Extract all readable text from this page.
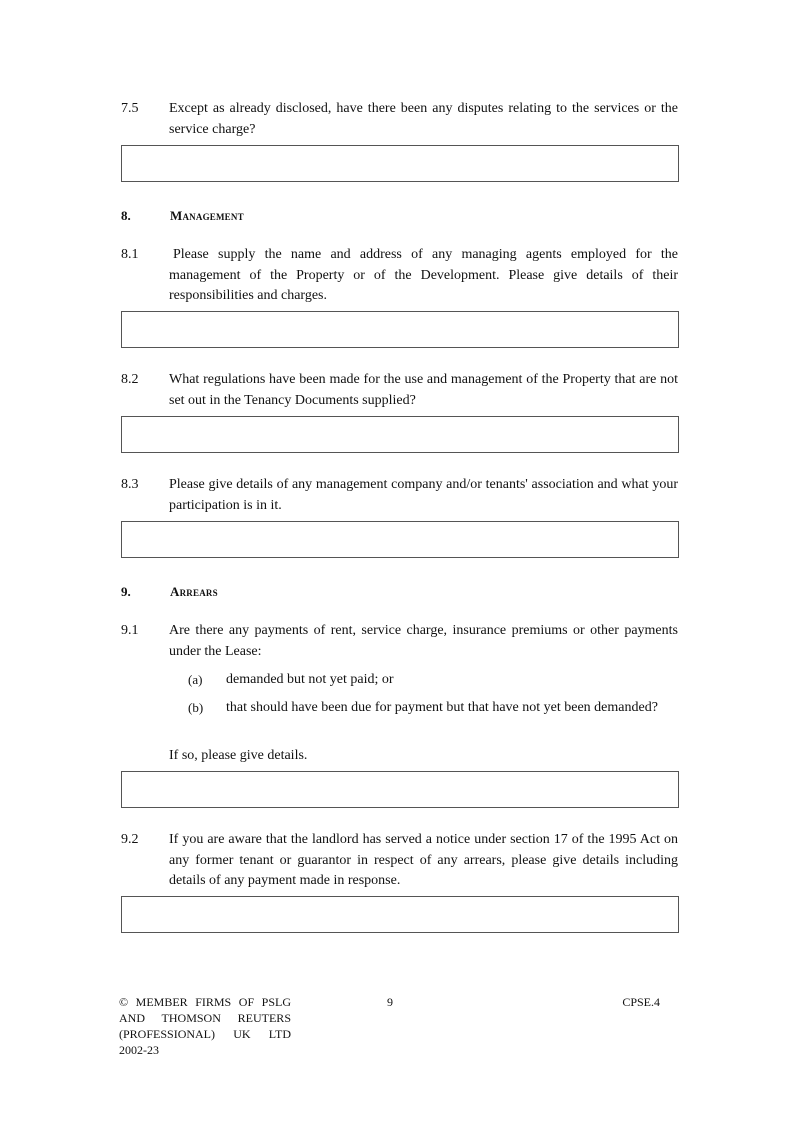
7.5 Except as already disclosed, have there been any disputes relating to the services or the service charge?
8.	Management
8.1 Please supply the name and address of any managing agents employed for the management of the Property or of the Development. Please give details of their responsibilities and charges.
8.2 What regulations have been made for the use and management of the Property that are not set out in the Tenancy Documents supplied?
8.3 Please give details of any management company and/or tenants' association and what your participation is in it.
9.	Arrears
9.1 Are there any payments of rent, service charge, insurance premiums or other payments under the Lease:
(a) demanded but not yet paid; or
(b) that should have been due for payment but that have not yet been demanded?
If so, please give details.
9.2 If you are aware that the landlord has served a notice under section 17 of the 1995 Act on any former tenant or guarantor in respect of any arrears, please give details including details of any payment made in response.
© MEMBER FIRMS OF PSLG
AND THOMSON REUTERS
(PROFESSIONAL) UK LTD
2002-23
9	CPSE.4
